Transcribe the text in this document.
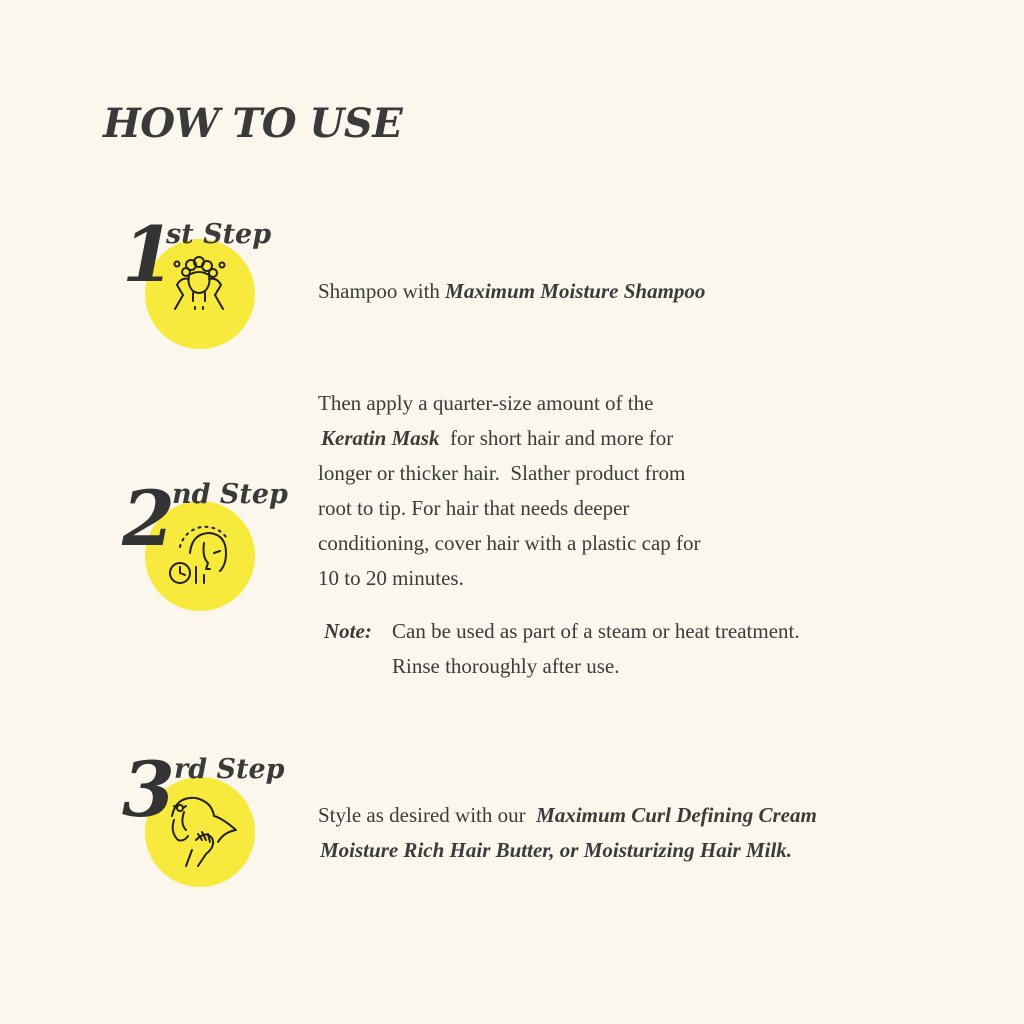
HOW TO USE
1
st Step
Shampoo with Maximum Moisture Shampoo
2
nd Step
Then apply a quarter-size amount of the
Keratin Mask  for short hair and more for
longer or thicker hair.  Slather product from
root to tip. For hair that needs deeper
conditioning, cover hair with a plastic cap for
10 to 20 minutes.
Note: Can be used as part of a steam or heat treatment. Rinse thoroughly after use.
3 rd Step
Style as desired with our  Maximum Curl Defining Cream
Moisture Rich Hair Butter, or Moisturizing Hair Milk.
